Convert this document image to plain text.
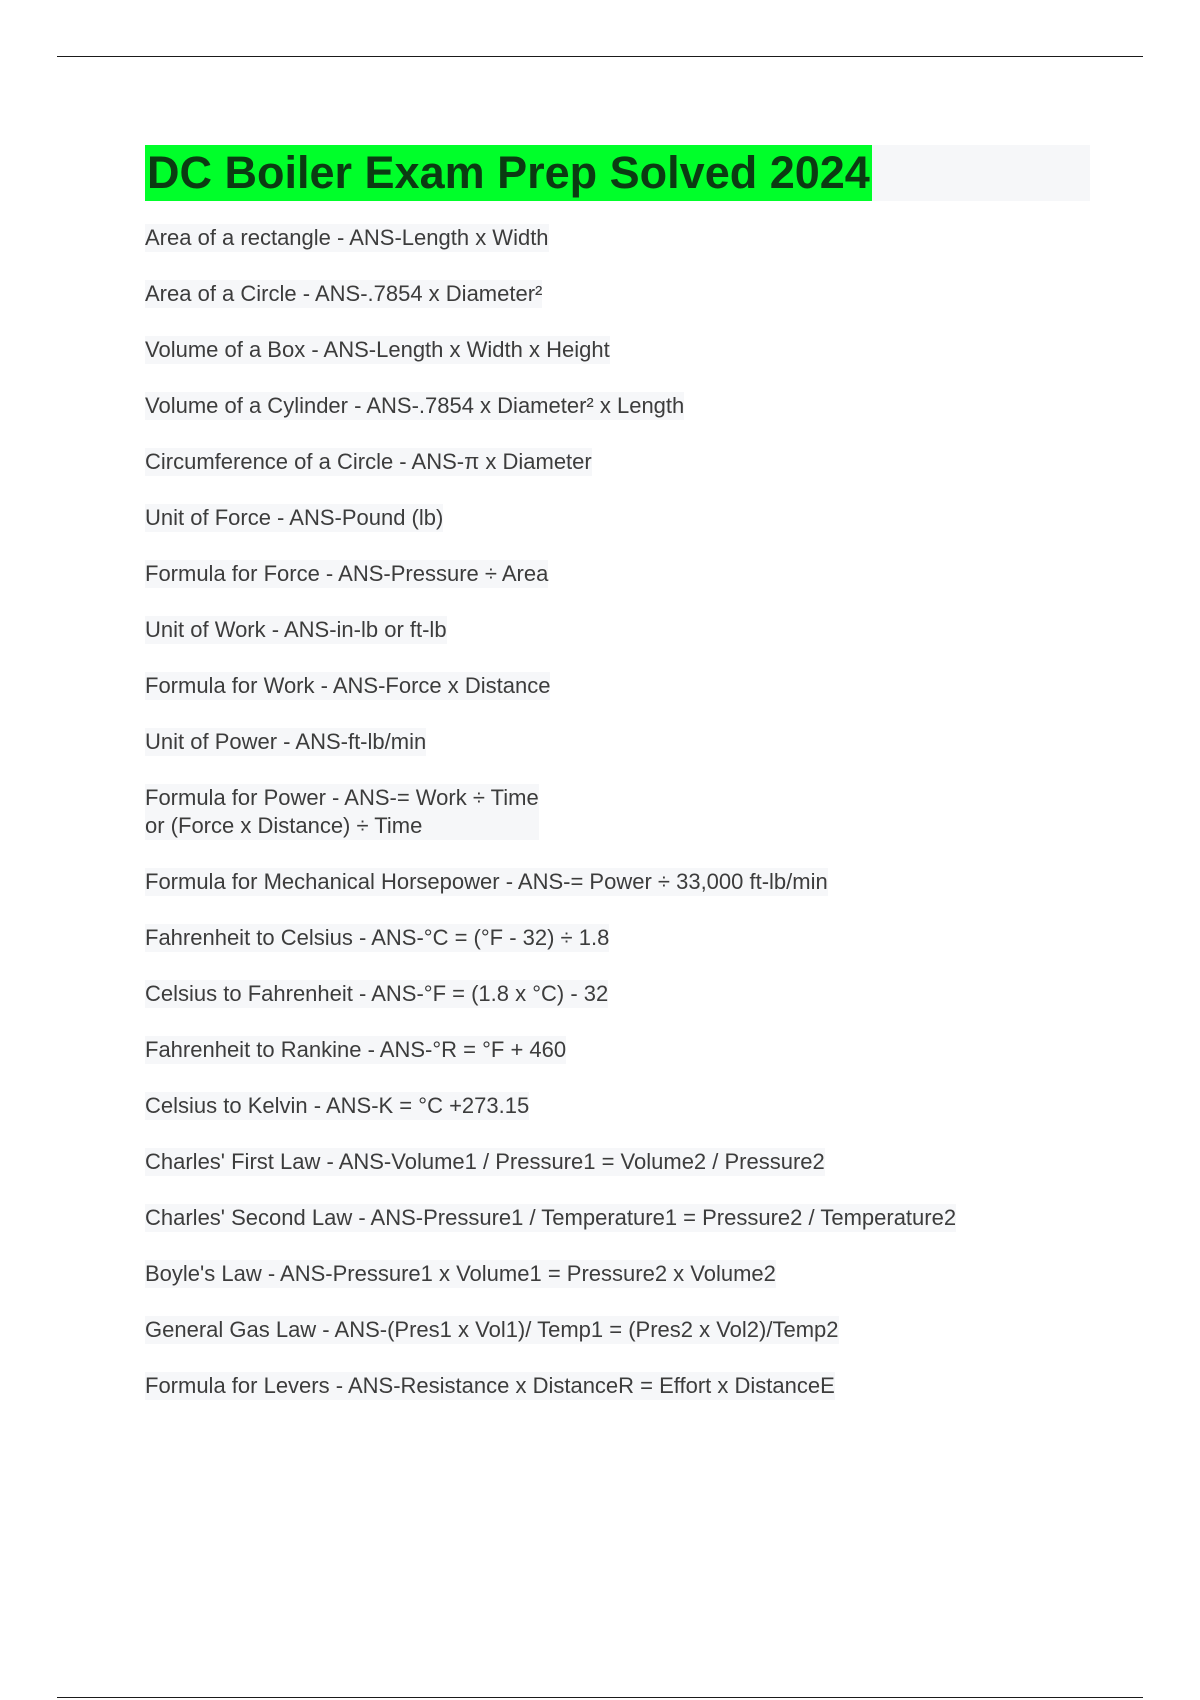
DC Boiler Exam Prep Solved 2024
Area of a rectangle - ANS-Length x Width
Area of a Circle - ANS-.7854 x Diameter²
Volume of a Box - ANS-Length x Width x Height
Volume of a Cylinder - ANS-.7854 x Diameter² x Length
Circumference of a Circle - ANS-π x Diameter
Unit of Force - ANS-Pound (lb)
Formula for Force - ANS-Pressure ÷ Area
Unit of Work - ANS-in-lb or ft-lb
Formula for Work - ANS-Force x Distance
Unit of Power - ANS-ft-lb/min
Formula for Power - ANS-= Work ÷ Time
or (Force x Distance) ÷ Time
Formula for Mechanical Horsepower - ANS-= Power ÷ 33,000 ft-lb/min
Fahrenheit to Celsius - ANS-°C = (°F - 32) ÷ 1.8
Celsius to Fahrenheit - ANS-°F = (1.8 x °C) - 32
Fahrenheit to Rankine - ANS-°R = °F + 460
Celsius to Kelvin - ANS-K = °C +273.15
Charles' First Law - ANS-Volume1 / Pressure1 = Volume2 / Pressure2
Charles' Second Law - ANS-Pressure1 / Temperature1 = Pressure2 / Temperature2
Boyle's Law - ANS-Pressure1 x Volume1 = Pressure2 x Volume2
General Gas Law - ANS-(Pres1 x Vol1)/ Temp1 = (Pres2 x Vol2)/Temp2
Formula for Levers - ANS-Resistance x DistanceR = Effort x DistanceE
